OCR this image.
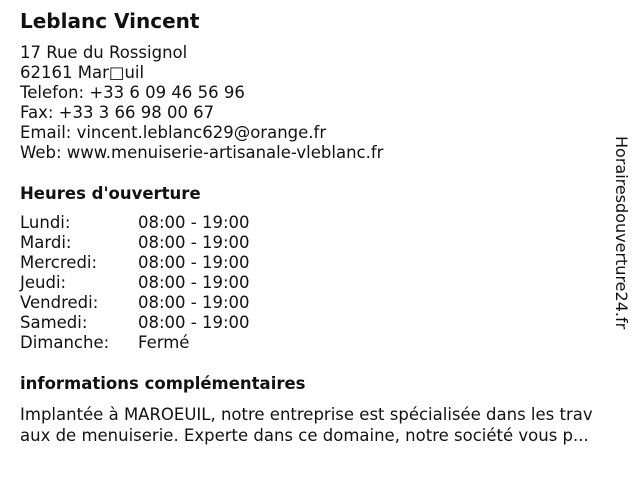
Leblanc Vincent
17 Rue du Rossignol
62161 Mar□uil
Telefon: +33 6 09 46 56 96
Fax: +33 3 66 98 00 67
Email: vincent.leblanc629@orange.fr
Web: www.menuiserie-artisanale-vleblanc.fr
Heures d'ouverture
Lundi:	08:00 - 19:00
Mardi:	08:00 - 19:00
Mercredi:	08:00 - 19:00
Jeudi:	08:00 - 19:00
Vendredi:	08:00 - 19:00
Samedi:	08:00 - 19:00
Dimanche:	Fermé
informations complémentaires
Implantée à MAROEUIL, notre entreprise est spécialisée dans les trav
aux de menuiserie. Experte dans ce domaine, notre société vous p...
Horairesdouverture24.fr
